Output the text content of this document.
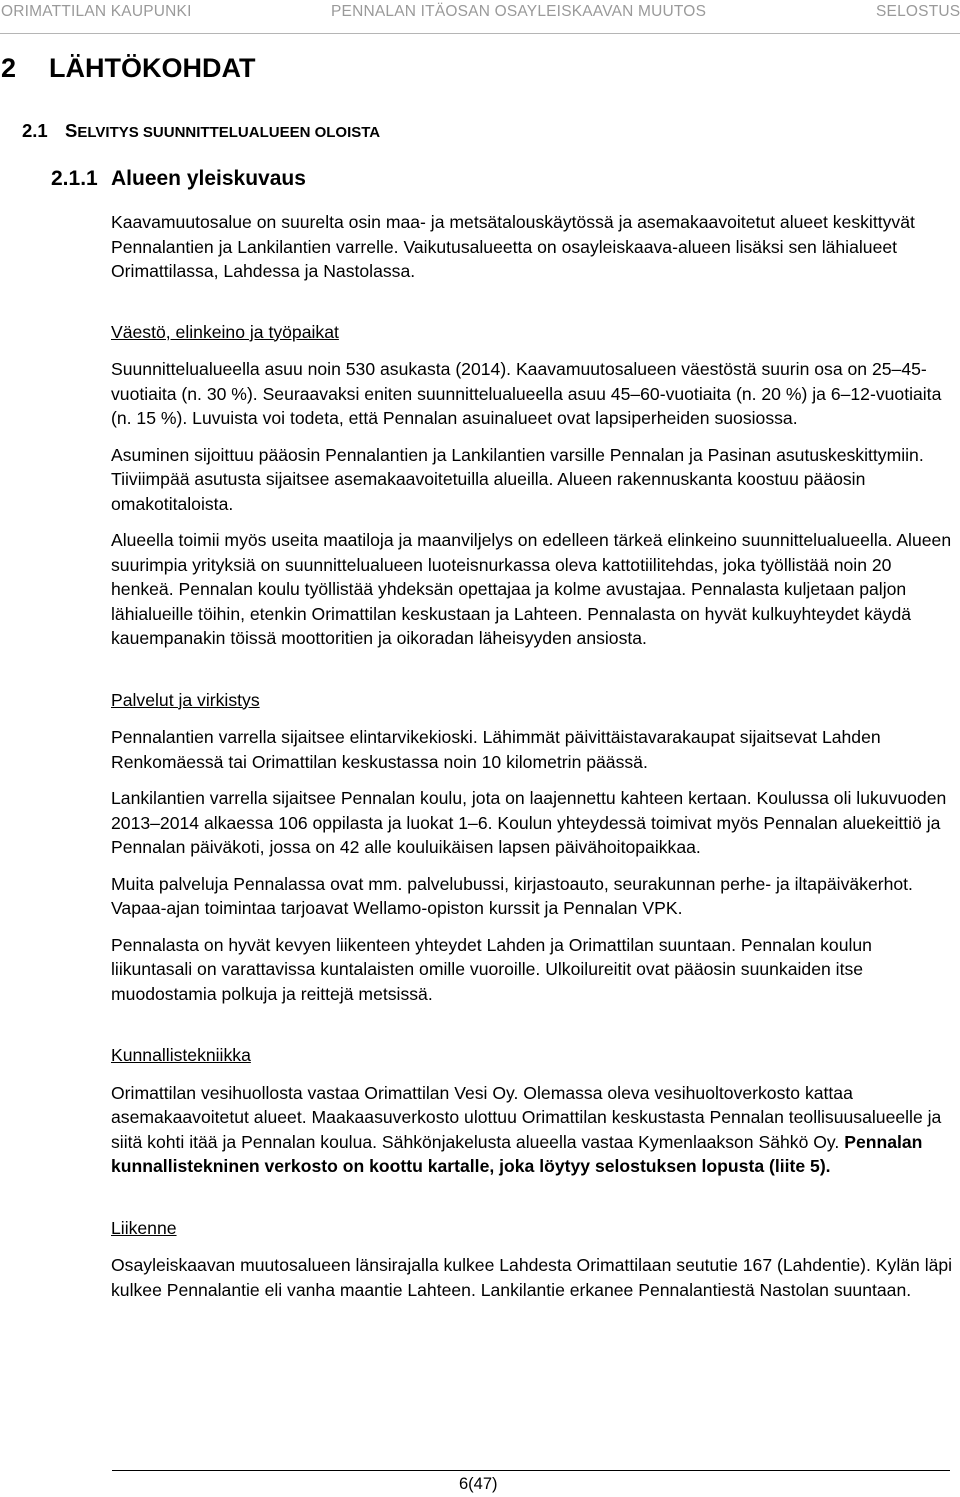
ORIMATTILAN KAUPUNKI	PENNALAN ITÄOSAN OSAYLEISKAAVAN MUUTOS	SELOSTUS
2 LÄHTÖKOHDAT
2.1 SELVITYS SUUNNITTELUALUEEN OLOISTA
2.1.1 Alueen yleiskuvaus

Kaavamuutosalue on suurelta osin maa- ja metsätalouskäytössä ja asemakaavoitetut alueet keskittyvät Pennalantien ja Lankilantien varrelle. Vaikutusalueetta on osayleiskaava-alueen lisäksi sen lähialueet Orimattilassa, Lahdessa ja Nastolassa.

Väestö, elinkeino ja työpaikat

Suunnittelualueella asuu noin 530 asukasta (2014). Kaavamuutosalueen väestöstä suurin osa on 25‒45-vuotiaita (n. 30 %). Seuraavaksi eniten suunnittelualueella asuu 45‒60-vuotiaita (n. 20 %) ja 6‒12-vuotiaita (n. 15 %). Luvuista voi todeta, että Pennalan asuinalueet ovat lapsiperheiden suosiossa.

Asuminen sijoittuu pääosin Pennalantien ja Lankilantien varsille Pennalan ja Pasinan asutuskeskittymiin. Tiiviimpää asutusta sijaitsee asemakaavoitetuilla alueilla. Alueen rakennuskanta koostuu pääosin omakotitaloista.

Alueella toimii myös useita maatiloja ja maanviljelys on edelleen tärkeä elinkeino suunnittelualueella. Alueen suurimpia yrityksiä on suunnittelualueen luoteisnurkassa oleva kattotiilitehdas, joka työllistää noin 20 henkeä. Pennalan koulu työllistää yhdeksän opettajaa ja kolme avustajaa. Pennalasta kuljetaan paljon lähialueille töihin, etenkin Orimattilan keskustaan ja Lahteen. Pennalasta on hyvät kulkuyhteydet käydä kauempanakin töissä moottoritien ja oikoradan läheisyyden ansiosta.

Palvelut ja virkistys

Pennalantien varrella sijaitsee elintarvikekioski. Lähimmät päivittäistavarakaupat sijaitsevat Lahden Renkomäessä tai Orimattilan keskustassa noin 10 kilometrin päässä.

Lankilantien varrella sijaitsee Pennalan koulu, jota on laajennettu kahteen kertaan. Koulussa oli lukuvuoden 2013‒2014 alkaessa 106 oppilasta ja luokat 1‒6. Koulun yhteydessä toimivat myös Pennalan aluekeittiö ja Pennalan päiväkoti, jossa on 42 alle kouluikäisen lapsen päivähoitopaikkaa.

Muita palveluja Pennalassa ovat mm. palvelubussi, kirjastoauto, seurakunnan perhe- ja iltapäiväkerhot. Vapaa-ajan toimintaa tarjoavat Wellamo-opiston kurssit ja Pennalan VPK.

Pennalasta on hyvät kevyen liikenteen yhteydet Lahden ja Orimattilan suuntaan. Pennalan koulun liikuntasali on varattavissa kuntalaisten omille vuoroille. Ulkoilureitit ovat pääosin suunkaiden itse muodostamia polkuja ja reittejä metsissä.

Kunnallistekniikka

Orimattilan vesihuollosta vastaa Orimattilan Vesi Oy. Olemassa oleva vesihuoltoverkosto kattaa asemakaavoitetut alueet. Maakaasuverkosto ulottuu Orimattilan keskustasta Pennalan teollisuusalueelle ja siitä kohti itää ja Pennalan koulua. Sähkönjakelusta alueella vastaa Kymenlaakson Sähkö Oy. Pennalan kunnallistekninen verkosto on koottu kartalle, joka löytyy selostuksen lopusta (liite 5).

Liikenne

Osayleiskaavan muutosalueen länsirajalla kulkee Lahdesta Orimattilaan seututie 167 (Lahdentie). Kylän läpi kulkee Pennalantie eli vanha maantie Lahteen. Lankilantie erkanee Pennalantiestä Nastolan suuntaan.

6(47)
